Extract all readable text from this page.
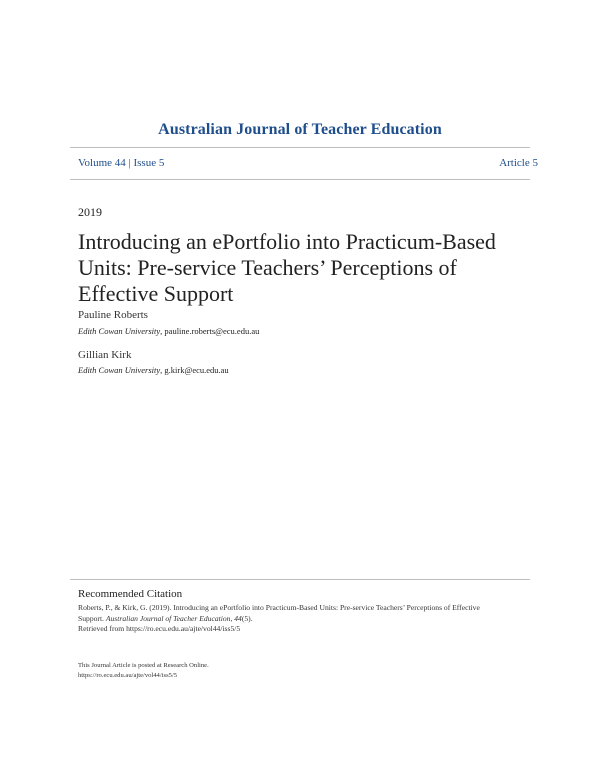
Australian Journal of Teacher Education
Volume 44 | Issue 5	Article 5
2019
Introducing an ePortfolio into Practicum-Based
Units: Pre-service Teachers’ Perceptions of
Effective Support
Pauline Roberts
Edith Cowan University, pauline.roberts@ecu.edu.au
Gillian Kirk
Edith Cowan University, g.kirk@ecu.edu.au
Recommended Citation
Roberts, P., & Kirk, G. (2019). Introducing an ePortfolio into Practicum-Based Units: Pre-service Teachers’ Perceptions of Effective
Support. Australian Journal of Teacher Education, 44(5).
Retrieved from https://ro.ecu.edu.au/ajte/vol44/iss5/5
This Journal Article is posted at Research Online.
https://ro.ecu.edu.au/ajte/vol44/iss5/5
